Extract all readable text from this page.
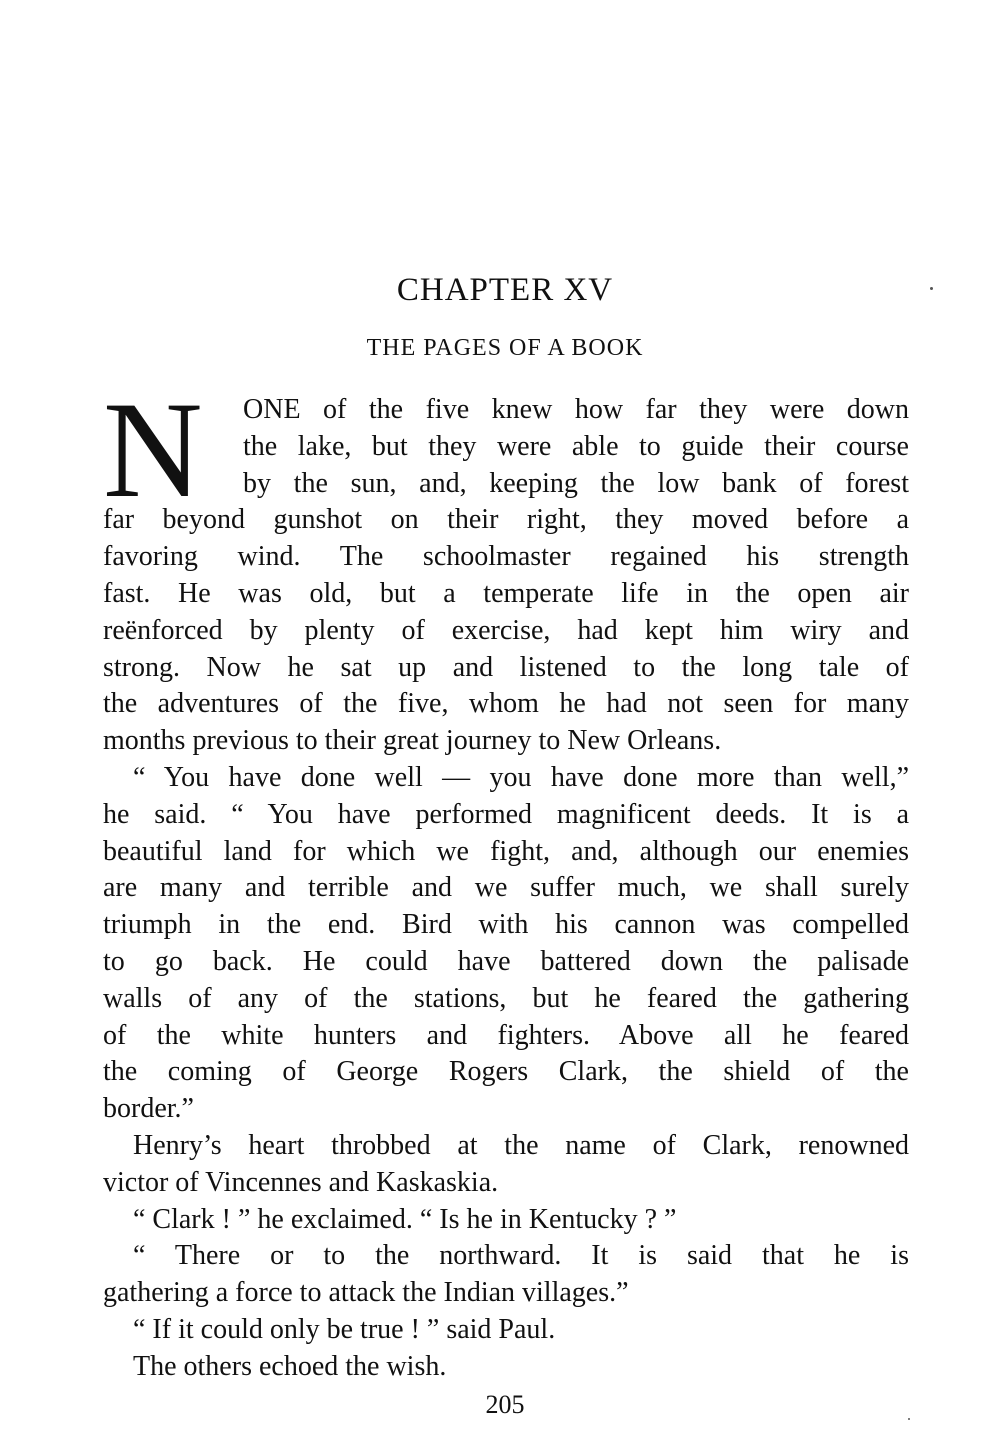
CHAPTER XV
THE PAGES OF A BOOK
N	ONE of the five knew how far they were down
the lake, but they were able to guide their course
by the sun, and, keeping the low bank of forest
far beyond gunshot on their right, they moved before a
favoring wind. The schoolmaster regained his strength
fast. He was old, but a temperate life in the open air
reënforced by plenty of exercise, had kept him wiry and
strong. Now he sat up and listened to the long tale of
the adventures of the five, whom he had not seen for many
months previous to their great journey to New Orleans.
“ You have done well — you have done more than well,”
he said. “ You have performed magnificent deeds. It is a
beautiful land for which we fight, and, although our enemies
are many and terrible and we suffer much, we shall surely
triumph in the end. Bird with his cannon was compelled
to go back. He could have battered down the palisade
walls of any of the stations, but he feared the gathering
of the white hunters and fighters. Above all he feared
the coming of George Rogers Clark, the shield of the
border.”
Henry’s heart throbbed at the name of Clark, renowned
victor of Vincennes and Kaskaskia.
“ Clark ! ” he exclaimed. “ Is he in Kentucky ? ”
“ There or to the northward. It is said that he is
gathering a force to attack the Indian villages.”
“ If it could only be true ! ” said Paul.
The others echoed the wish.
205
